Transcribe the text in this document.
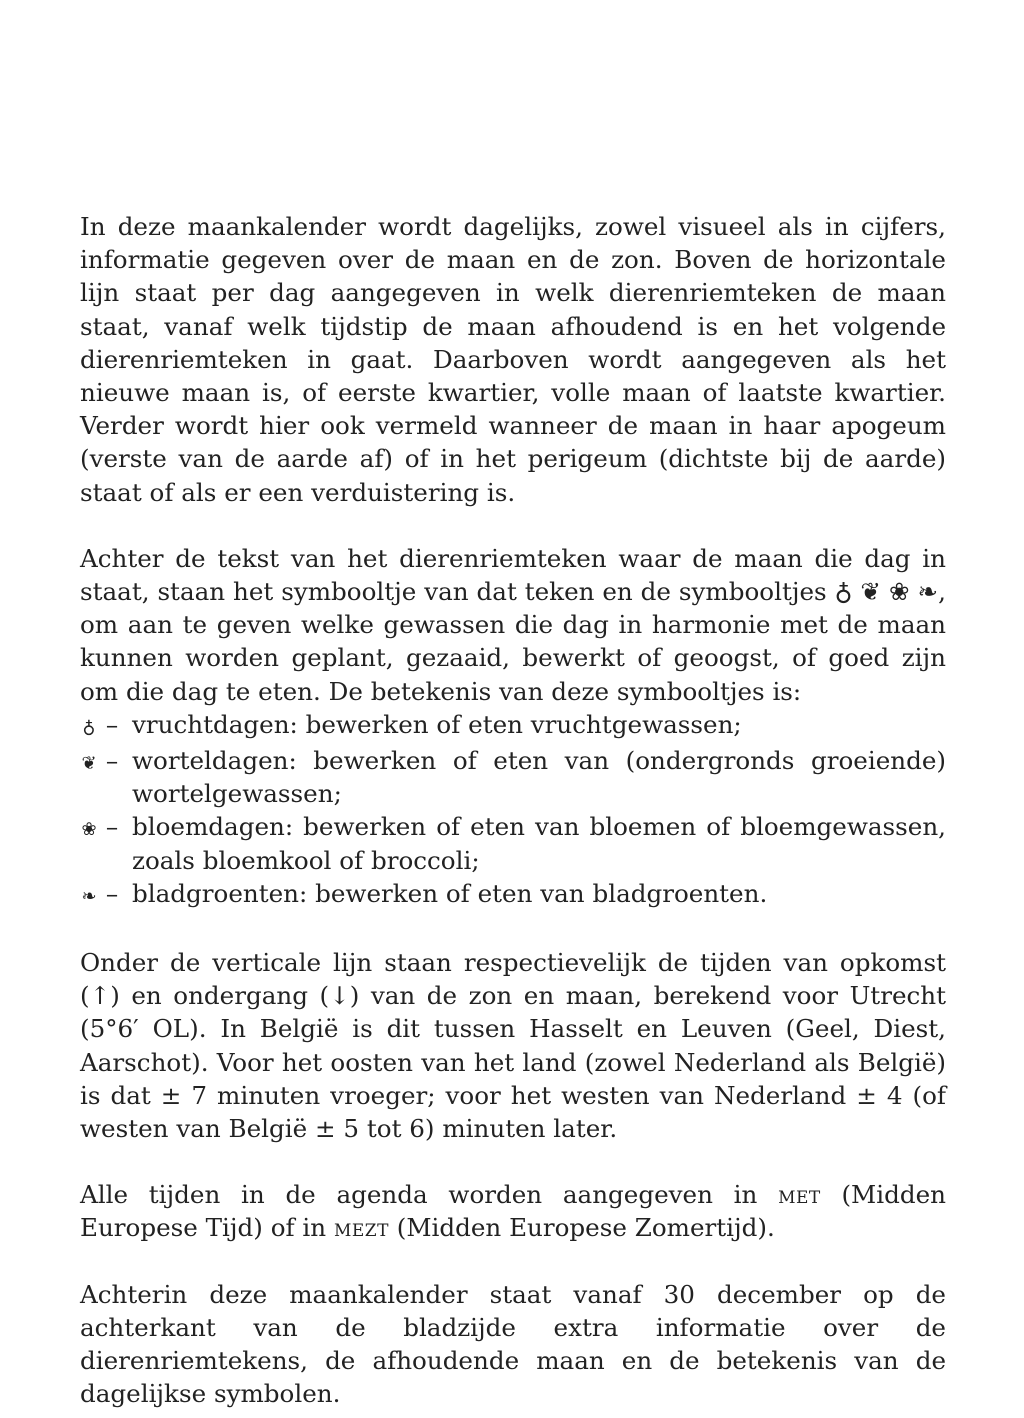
In deze maankalender wordt dagelijks, zowel visueel als in cijfers, informatie gegeven over de maan en de zon. Boven de horizontale lijn staat per dag aangegeven in welk dierenriemteken de maan staat, vanaf welk tijdstip de maan afhoudend is en het volgende dierenriemteken in gaat. Daarboven wordt aangegeven als het nieuwe maan is, of eerste kwartier, volle maan of laatste kwartier. Verder wordt hier ook vermeld wanneer de maan in haar apogeum (verste van de aarde af) of in het perigeum (dichtste bij de aarde) staat of als er een verduistering is.

Achter de tekst van het dierenriemteken waar de maan die dag in staat, staan het symbooltje van dat teken en de symbooltjes ♁ ❦ ❀ ❧, om aan te geven welke gewassen die dag in harmonie met de maan kunnen worden geplant, gezaaid, bewerkt of geoogst, of goed zijn om die dag te eten. De betekenis van deze symbooltjes is:

♁ – vruchtdagen: bewerken of eten vruchtgewassen;
❦ – worteldagen: bewerken of eten van (ondergronds groeiende) wortelgewassen;
❀ – bloemdagen: bewerken of eten van bloemen of bloemgewassen, zoals bloemkool of broccoli;
❧ – bladgroenten: bewerken of eten van bladgroenten.

Onder de verticale lijn staan respectievelijk de tijden van opkomst (↑) en ondergang (↓) van de zon en maan, berekend voor Utrecht (5°6′ OL). In België is dit tussen Hasselt en Leuven (Geel, Diest, Aarschot). Voor het oosten van het land (zowel Nederland als België) is dat ± 7 minuten vroeger; voor het westen van Nederland ± 4 (of westen van België ± 5 tot 6) minuten later.

Alle tijden in de agenda worden aangegeven in met (Midden Europese Tijd) of in mezt (Midden Europese Zomertijd).

Achterin deze maankalender staat vanaf 30 december op de achterkant van de bladzijde extra informatie over de dierenriemtekens, de afhoudende maan en de betekenis van de dagelijkse symbolen.
